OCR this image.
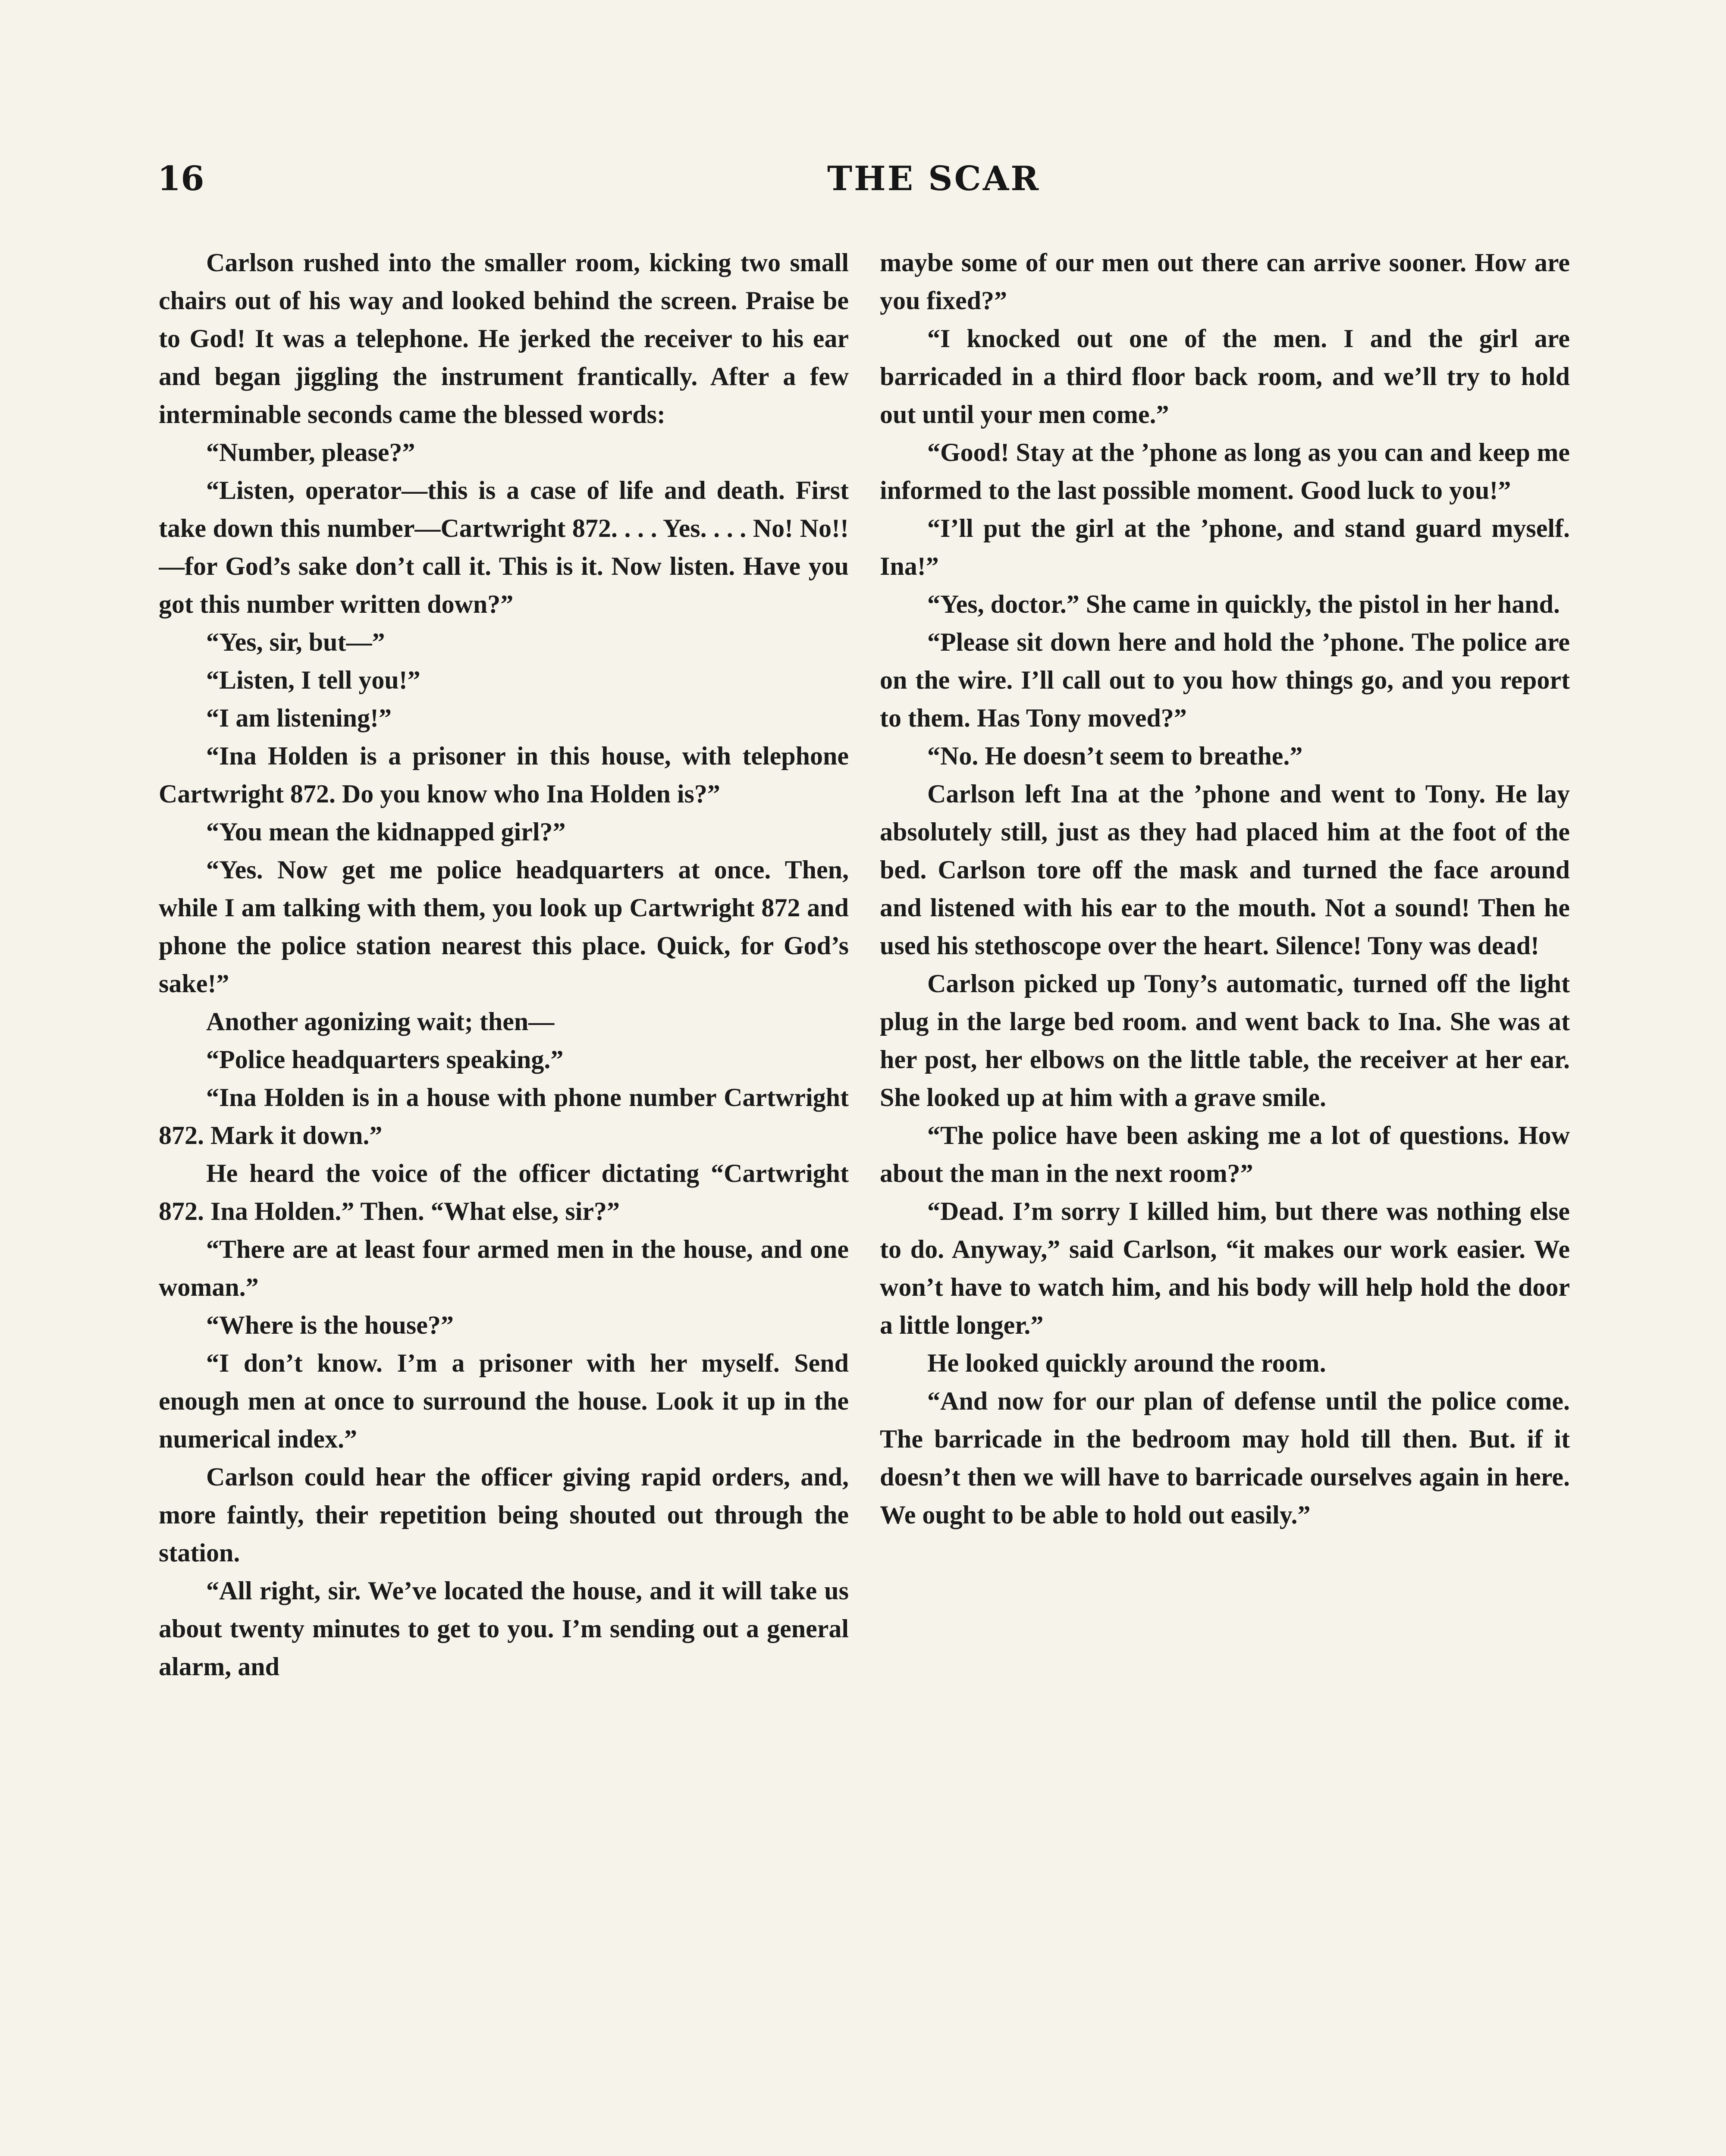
16	THE SCAR

Carlson rushed into the smaller room, kicking two small chairs out of his way and looked behind the screen. Praise be to God! It was a telephone. He jerked the receiver to his ear and began jiggling the instrument frantically. After a few interminable seconds came the blessed words:

“Number, please?”

“Listen, operator—this is a case of life and death. First take down this number—Cartwright 872. . . . Yes. . . . No! No!!—for God’s sake don’t call it. This is it. Now listen. Have you got this number written down?”

“Yes, sir, but—”

“Listen, I tell you!”

“I am listening!”

“Ina Holden is a prisoner in this house, with telephone Cartwright 872. Do you know who Ina Holden is?”

“You mean the kidnapped girl?”

“Yes. Now get me police headquarters at once. Then, while I am talking with them, you look up Cartwright 872 and phone the police station nearest this place. Quick, for God’s sake!”

Another agonizing wait; then—

“Police headquarters speaking.”

“Ina Holden is in a house with phone number Cartwright 872. Mark it down.”

He heard the voice of the officer dictating “Cartwright 872. Ina Holden.” Then. “What else, sir?”

“There are at least four armed men in the house, and one woman.”

“Where is the house?”

“I don’t know. I’m a prisoner with her myself. Send enough men at once to surround the house. Look it up in the numerical index.”

Carlson could hear the officer giving rapid orders, and, more faintly, their repetition being shouted out through the station.

“All right, sir. We’ve located the house, and it will take us about twenty minutes to get to you. I’m sending out a general alarm, and

maybe some of our men out there can arrive sooner. How are you fixed?”

“I knocked out one of the men. I and the girl are barricaded in a third floor back room, and we’ll try to hold out until your men come.”

“Good! Stay at the ’phone as long as you can and keep me informed to the last possible moment. Good luck to you!”

“I’ll put the girl at the ’phone, and stand guard myself. Ina!”

“Yes, doctor.” She came in quickly, the pistol in her hand.

“Please sit down here and hold the ’phone. The police are on the wire. I’ll call out to you how things go, and you report to them. Has Tony moved?”

“No. He doesn’t seem to breathe.”

Carlson left Ina at the ’phone and went to Tony. He lay absolutely still, just as they had placed him at the foot of the bed. Carlson tore off the mask and turned the face around and listened with his ear to the mouth. Not a sound! Then he used his stethoscope over the heart. Silence! Tony was dead!

Carlson picked up Tony’s automatic, turned off the light plug in the large bed room. and went back to Ina. She was at her post, her elbows on the little table, the receiver at her ear. She looked up at him with a grave smile.

“The police have been asking me a lot of questions. How about the man in the next room?”

“Dead. I’m sorry I killed him, but there was nothing else to do. Anyway,” said Carlson, “it makes our work easier. We won’t have to watch him, and his body will help hold the door a little longer.”

He looked quickly around the room.

“And now for our plan of defense until the police come. The barricade in the bedroom may hold till then. But. if it doesn’t then we will have to barricade ourselves again in here. We ought to be able to hold out easily.”
